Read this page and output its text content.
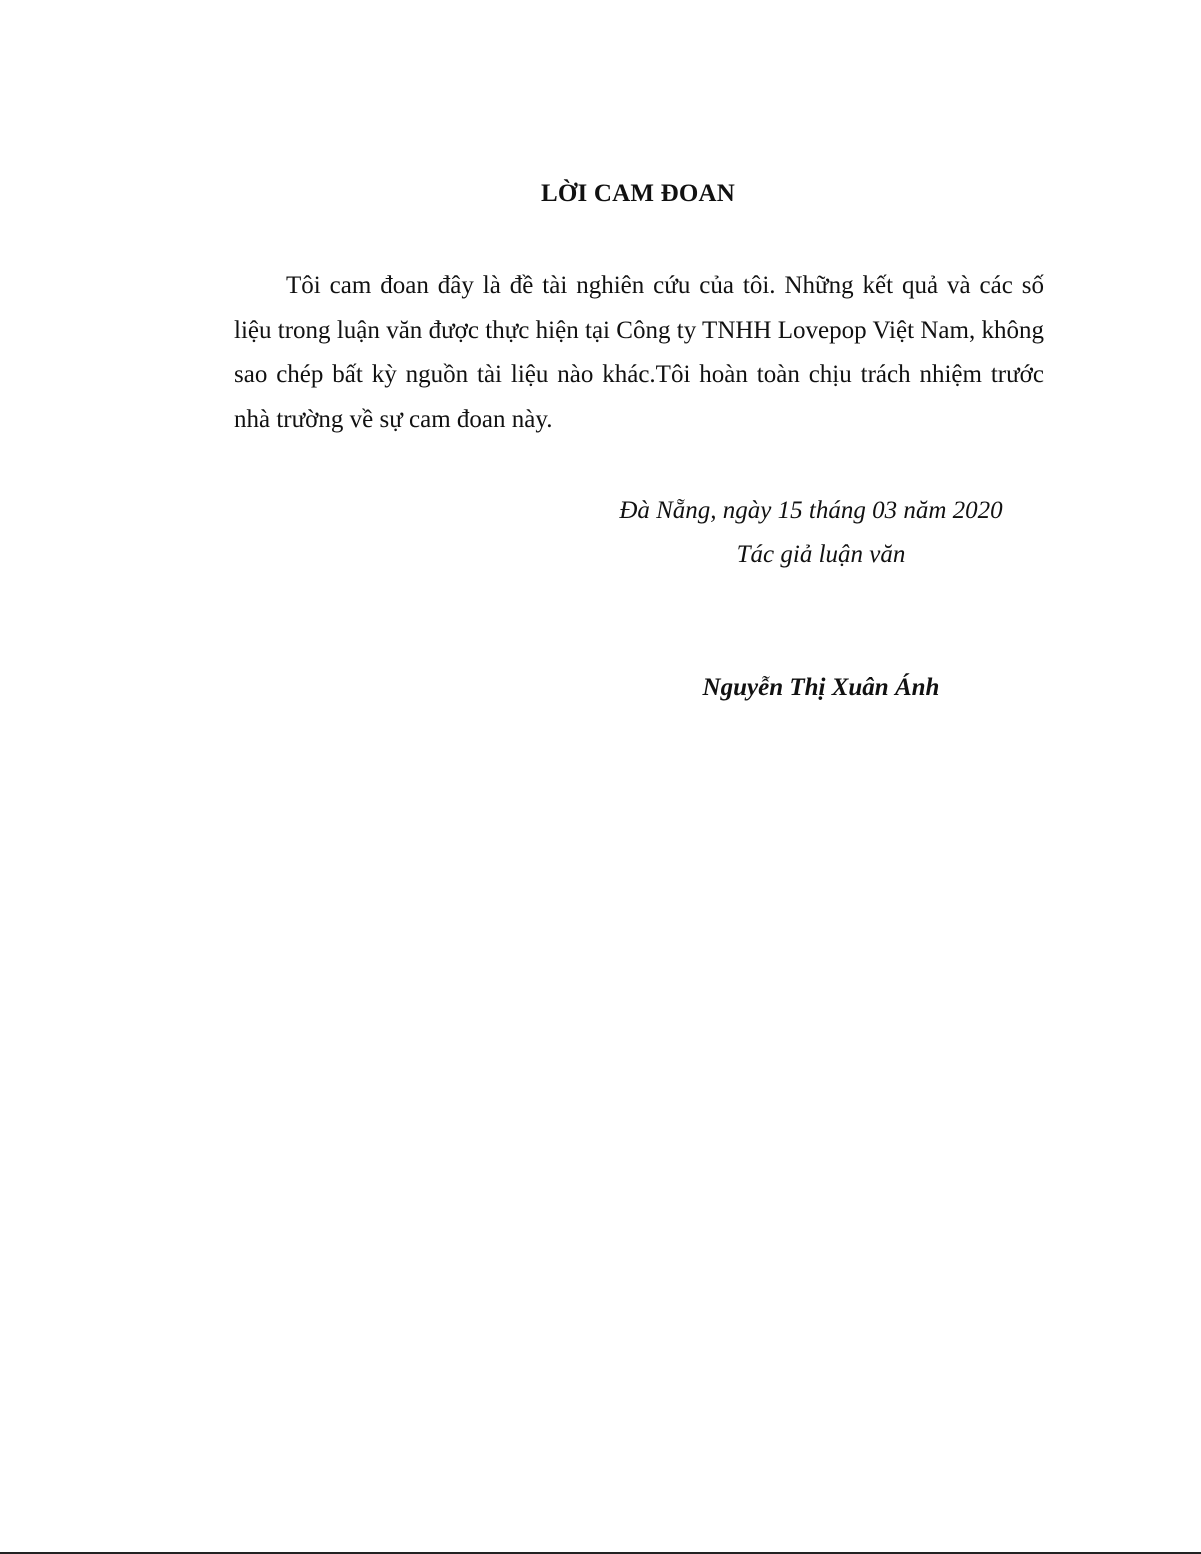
LỜI CAM ĐOAN
Tôi cam đoan đây là đề tài nghiên cứu của tôi. Những kết quả và các số liệu trong luận văn được thực hiện tại Công ty TNHH Lovepop Việt Nam, không sao chép bất kỳ nguồn tài liệu nào khác.Tôi hoàn toàn chịu trách nhiệm trước nhà trường về sự cam đoan này.
Đà Nẵng, ngày 15 tháng 03 năm 2020
Tác giả luận văn
Nguyễn Thị Xuân Ánh
